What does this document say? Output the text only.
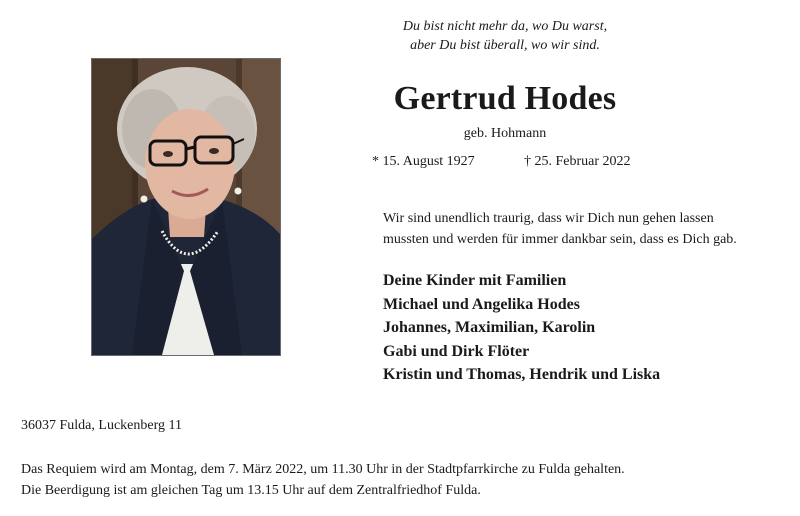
Du bist nicht mehr da, wo Du warst,
aber Du bist überall, wo wir sind.
Gertrud Hodes
geb. Hohmann
* 15. August 1927	† 25. Februar 2022
Wir sind unendlich traurig, dass wir Dich nun gehen lassen
mussten und werden für immer dankbar sein, dass es Dich gab.
Deine Kinder mit Familien
Michael und Angelika Hodes
Johannes, Maximilian, Karolin
Gabi und Dirk Flöter
Kristin und Thomas, Hendrik und Liska
36037 Fulda, Luckenberg 11
Das Requiem wird am Montag, dem 7. März 2022, um 11.30 Uhr in der Stadtpfarrkirche zu Fulda gehalten.
Die Beerdigung ist am gleichen Tag um 13.15 Uhr auf dem Zentralfriedhof Fulda.
